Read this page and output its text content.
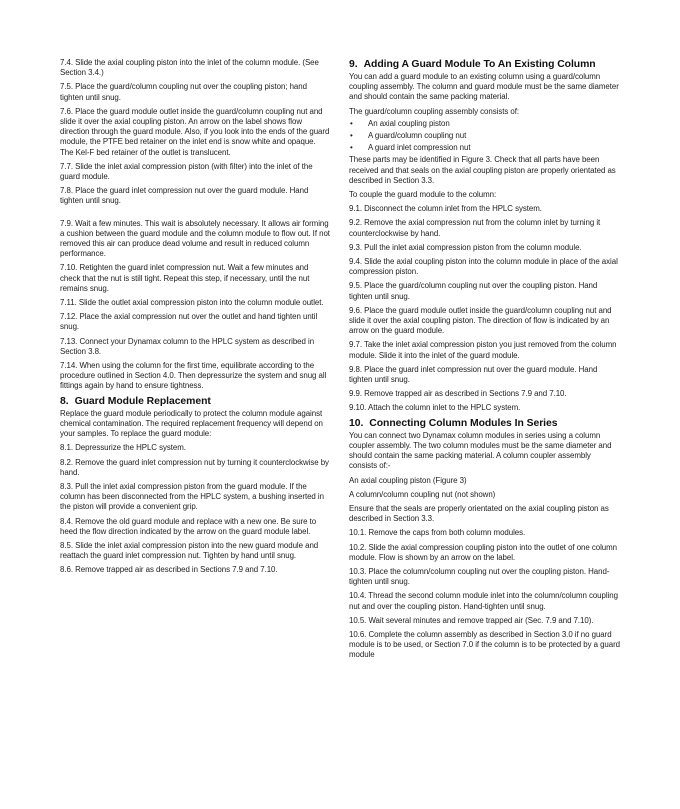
7.4. Slide the axial coupling piston into the inlet of the column module. (See Section 3.4.)

7.5. Place the guard/column coupling nut over the coupling piston; hand tighten until snug.

7.6. Place the guard module outlet inside the guard/column coupling nut and slide it over the axial coupling piston. An arrow on the label shows flow direction through the guard module. Also, if you look into the ends of the guard module, the PTFE bed retainer on the inlet end is snow white and opaque. The Kel-F bed retainer of the outlet is translucent.

7.7. Slide the inlet axial compression piston (with filter) into the inlet of the guard module.

7.8. Place the guard inlet compression nut over the guard module. Hand tighten until snug.

7.9. Wait a few minutes. This wait is absolutely necessary. It allows air forming a cushion between the guard module and the column module to flow out. If not removed this air can produce dead volume and result in reduced column performance.

7.10. Retighten the guard inlet compression nut. Wait a few minutes and check that the nut is still tight. Repeat this step, if necessary, until the nut remains snug.

7.11. Slide the outlet axial compression piston into the column module outlet.

7.12. Place the axial compression nut over the outlet and hand tighten until snug.

7.13. Connect your Dynamax column to the HPLC system as described in Section 3.8.

7.14. When using the column for the first time, equilibrate according to the procedure outlined in Section 4.0. Then depressurize the system and snug all fittings again by hand to ensure tightness.

8. Guard Module Replacement

Replace the guard module periodically to protect the column module against chemical contamination. The required replacement frequency will depend on your samples. To replace the guard module:

8.1. Depressurize the HPLC system.

8.2. Remove the guard inlet compression nut by turning it counterclockwise by hand.

8.3. Pull the inlet axial compression piston from the guard module. If the column has been disconnected from the HPLC system, a bushing inserted in the piston will provide a convenient grip.

8.4. Remove the old guard module and replace with a new one. Be sure to heed the flow direction indicated by the arrow on the guard module label.

8.5. Slide the inlet axial compression piston into the new guard module and reattach the guard inlet compression nut. Tighten by hand until snug.

8.6. Remove trapped air as described in Sections 7.9 and 7.10.

9. Adding A Guard Module To An Existing Column

You can add a guard module to an existing column using a guard/column coupling assembly. The column and guard module must be the same diameter and should contain the same packing material.

The guard/column coupling assembly consists of:

• An axial coupling piston
• A guard/column coupling nut
• A guard inlet compression nut

These parts may be identified in Figure 3. Check that all parts have been received and that seals on the axial coupling piston are properly orientated as described in Section 3.3.

To couple the guard module to the column:

9.1. Disconnect the column inlet from the HPLC system.

9.2. Remove the axial compression nut from the column inlet by turning it counterclockwise by hand.

9.3. Pull the inlet axial compression piston from the column module.

9.4. Slide the axial coupling piston into the column module in place of the axial compression piston.

9.5. Place the guard/column coupling nut over the coupling piston. Hand tighten until snug.

9.6. Place the guard module outlet inside the guard/column coupling nut and slide it over the axial coupling piston. The direction of flow is indicated by an arrow on the guard module.

9.7. Take the inlet axial compression piston you just removed from the column module. Slide it into the inlet of the guard module.

9.8. Place the guard inlet compression nut over the guard module. Hand tighten until snug.

9.9. Remove trapped air as described in Sections 7.9 and 7.10.

9.10. Attach the column inlet to the HPLC system.

10. Connecting Column Modules In Series

You can connect two Dynamax column modules in series using a column coupler assembly. The two column modules must be the same diameter and should contain the same packing material. A column coupler assembly consists of:-

An axial coupling piston (Figure 3)

A column/column coupling nut (not shown)

Ensure that the seals are properly orientated on the axial coupling piston as described in Section 3.3.

10.1. Remove the caps from both column modules.

10.2. Slide the axial compression coupling piston into the outlet of one column module. Flow is shown by an arrow on the label.

10.3. Place the column/column coupling nut over the coupling piston. Hand-tighten until snug.

10.4. Thread the second column module inlet into the column/column coupling nut and over the coupling piston. Hand-tighten until snug.

10.5. Wait several minutes and remove trapped air (Sec. 7.9 and 7.10).

10.6. Complete the column assembly as described in Section 3.0 if no guard module is to be used, or Section 7.0 if the column is to be protected by a guard module
